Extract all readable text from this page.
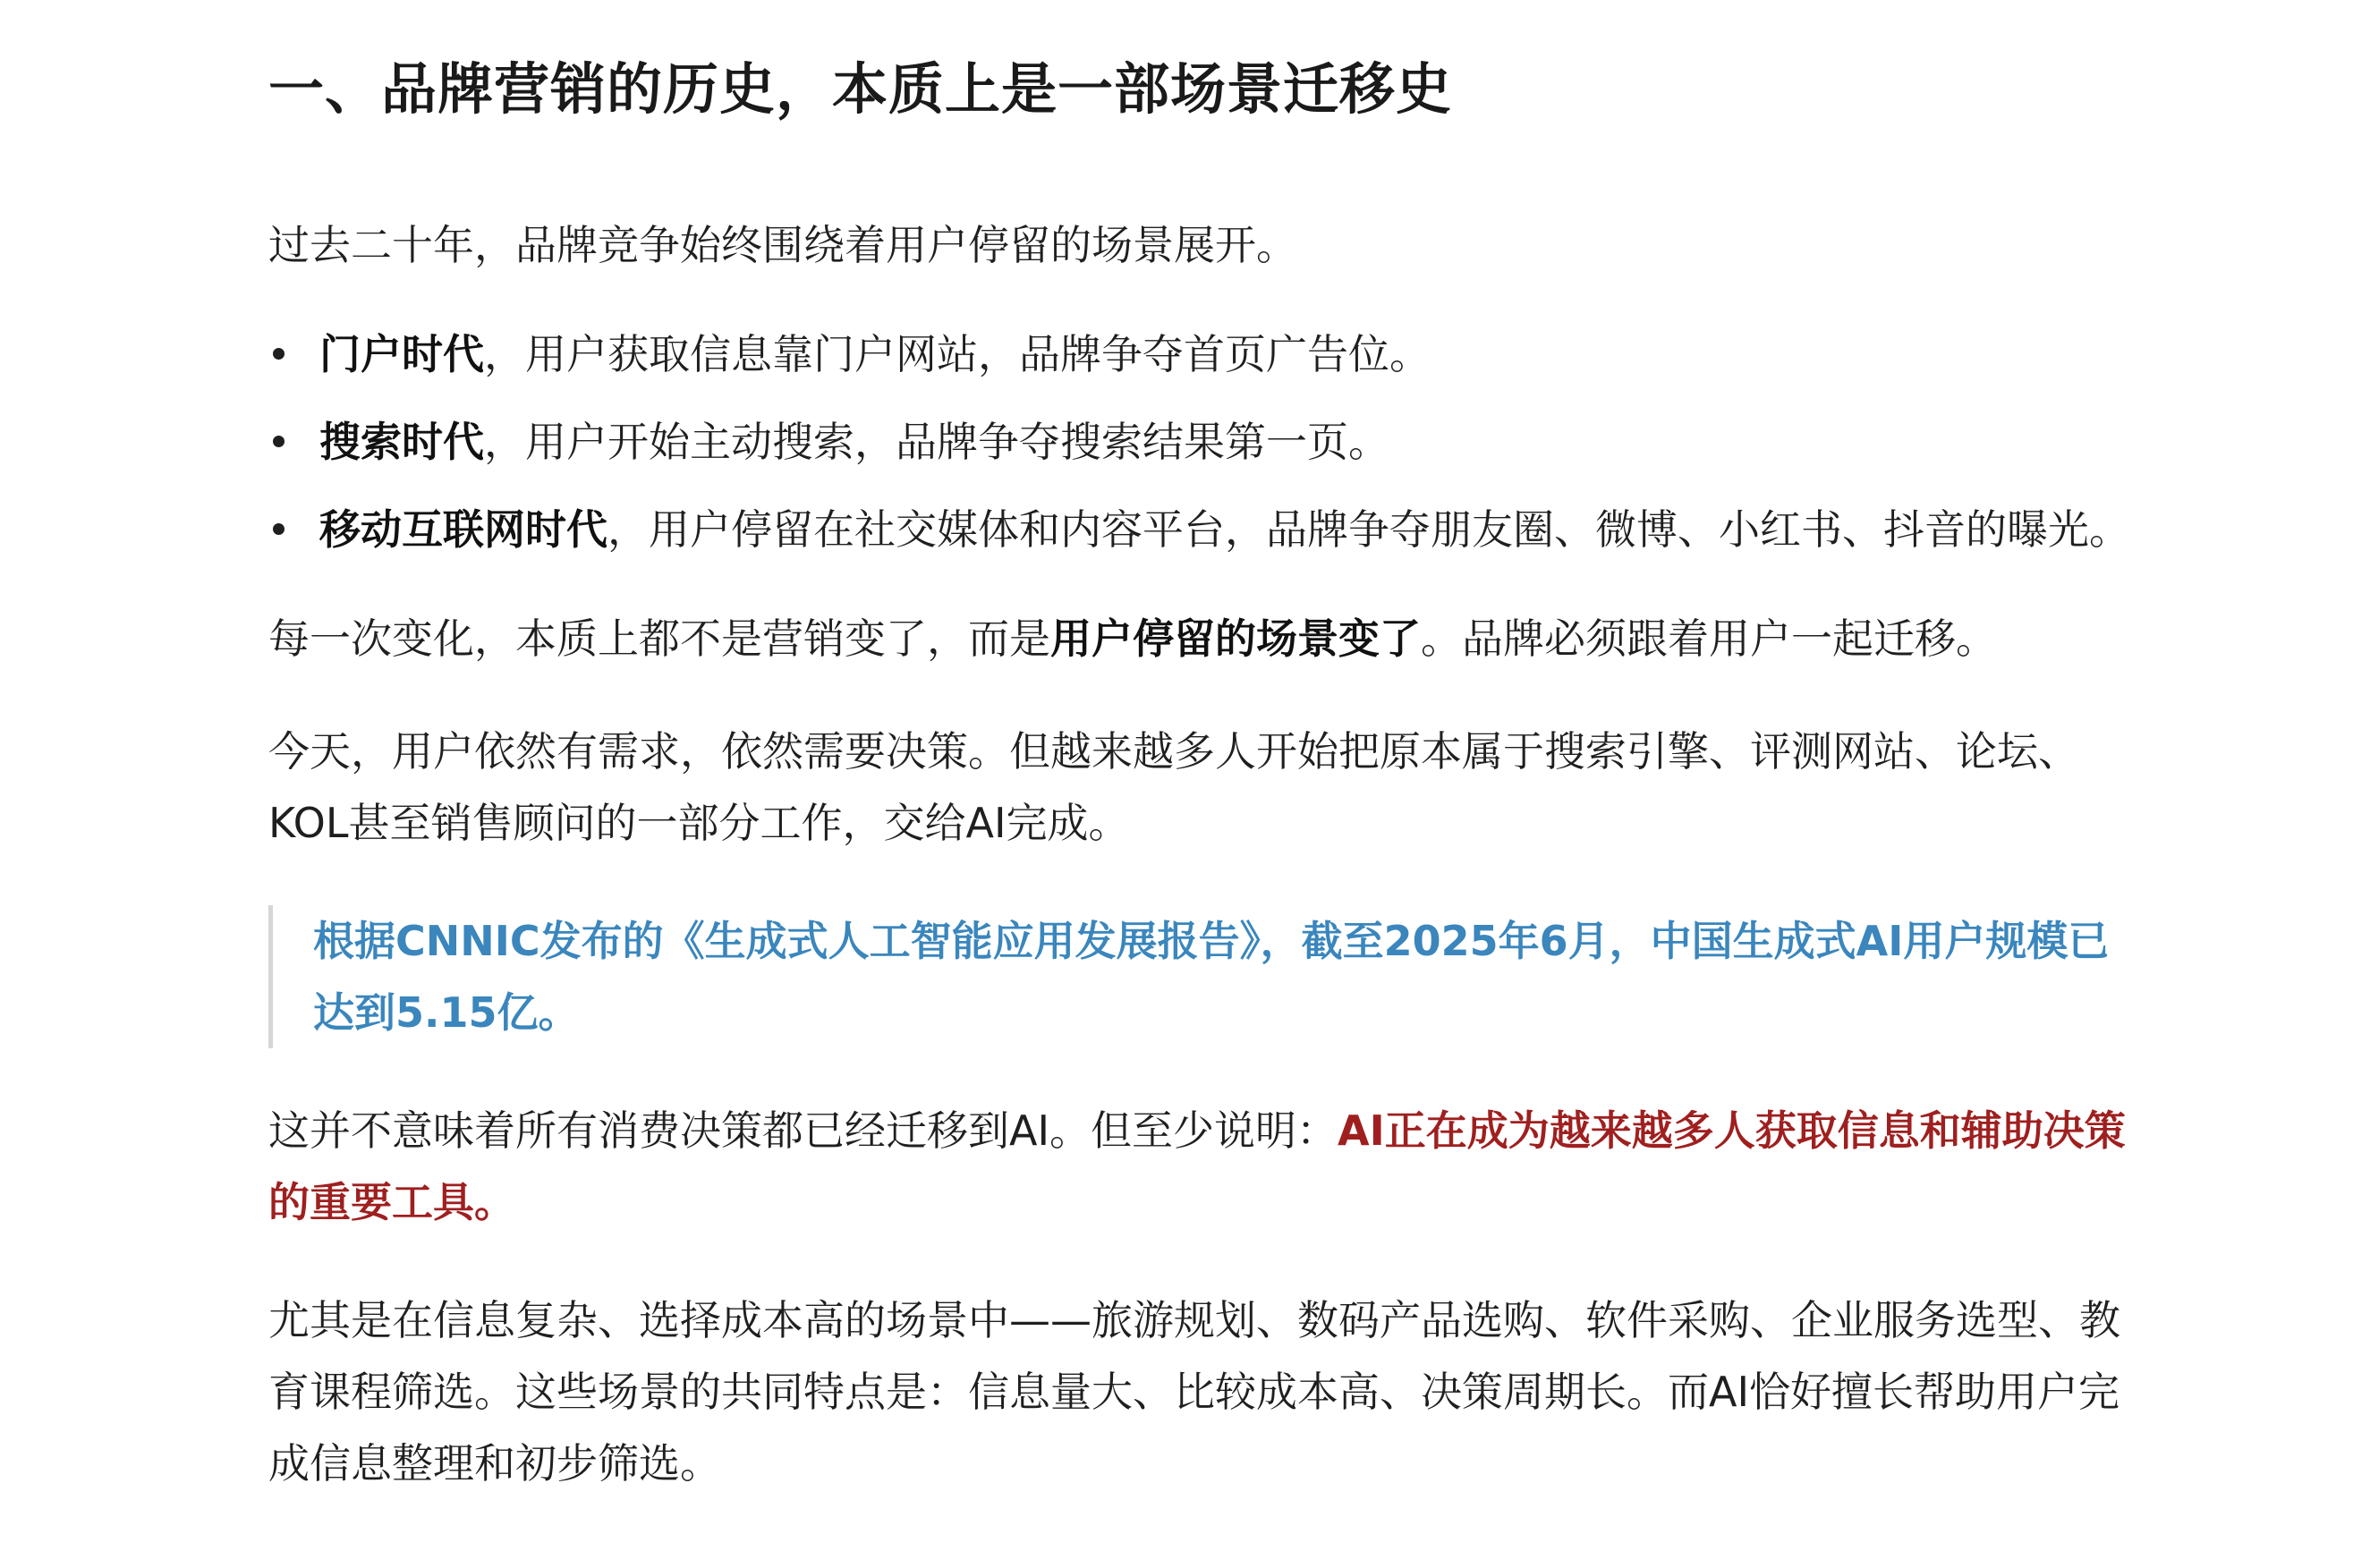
一、品牌营销的历史，本质上是一部场景迁移史

过去二十年，品牌竞争始终围绕着用户停留的场景展开。

门户时代，用户获取信息靠门户网站，品牌争夺首页广告位。
搜索时代，用户开始主动搜索，品牌争夺搜索结果第一页。
移动互联网时代，用户停留在社交媒体和内容平台，品牌争夺朋友圈、微博、小红书、抖音的曝光。

每一次变化，本质上都不是营销变了，而是用户停留的场景变了。品牌必须跟着用户一起迁移。

今天，用户依然有需求，依然需要决策。但越来越多人开始把原本属于搜索引擎、评测网站、论坛、KOL甚至销售顾问的一部分工作，交给AI完成。

根据CNNIC发布的《生成式人工智能应用发展报告》，截至2025年6月，中国生成式AI用户规模已达到5.15亿。

这并不意味着所有消费决策都已经迁移到AI。但至少说明：AI正在成为越来越多人获取信息和辅助决策的重要工具。

尤其是在信息复杂、选择成本高的场景中——旅游规划、数码产品选购、软件采购、企业服务选型、教育课程筛选。这些场景的共同特点是：信息量大、比较成本高、决策周期长。而AI恰好擅长帮助用户完成信息整理和初步筛选。
